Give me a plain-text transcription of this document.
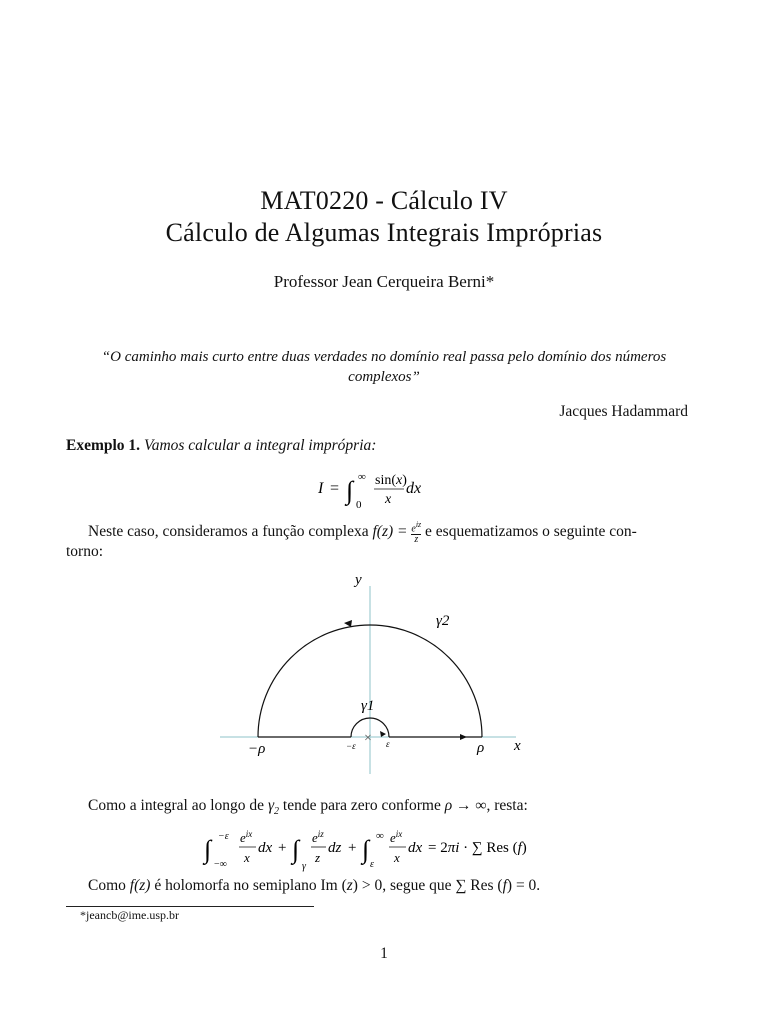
MAT0220 - Cálculo IV
Cálculo de Algumas Integrais Impróprias
Professor Jean Cerqueira Berni*
“O caminho mais curto entre duas verdades no domínio real passa pelo domínio dos números
complexos”
Jacques Hadammard
Exemplo 1. Vamos calcular a integral imprópria:
I = ∫ ∞
0
sin(x)
x
dx
Neste caso, consideramos a função complexa $f(z) = e^{iz}$
z e esquematizamos o seguinte con-
torno:
×
y
x
γ2
γ1
−ρ	ρ
−ε	ε
Como a integral ao longo de $\gamma_2$ tende para zero conforme ρ → ∞, resta:
∫ −ε
−∞
$e^{ix}$
x
dx + ∫
γ
$e^{iz}$
z
dz + ∫ ∞
ε
$e^{ix}$
x
dx = 2πi · ∑ Res (f)
Como f(z) é holomorfa no semiplano Im (z) > 0, segue que ∑ Res (f) = 0.
*jeancb@ime.usp.br
1
